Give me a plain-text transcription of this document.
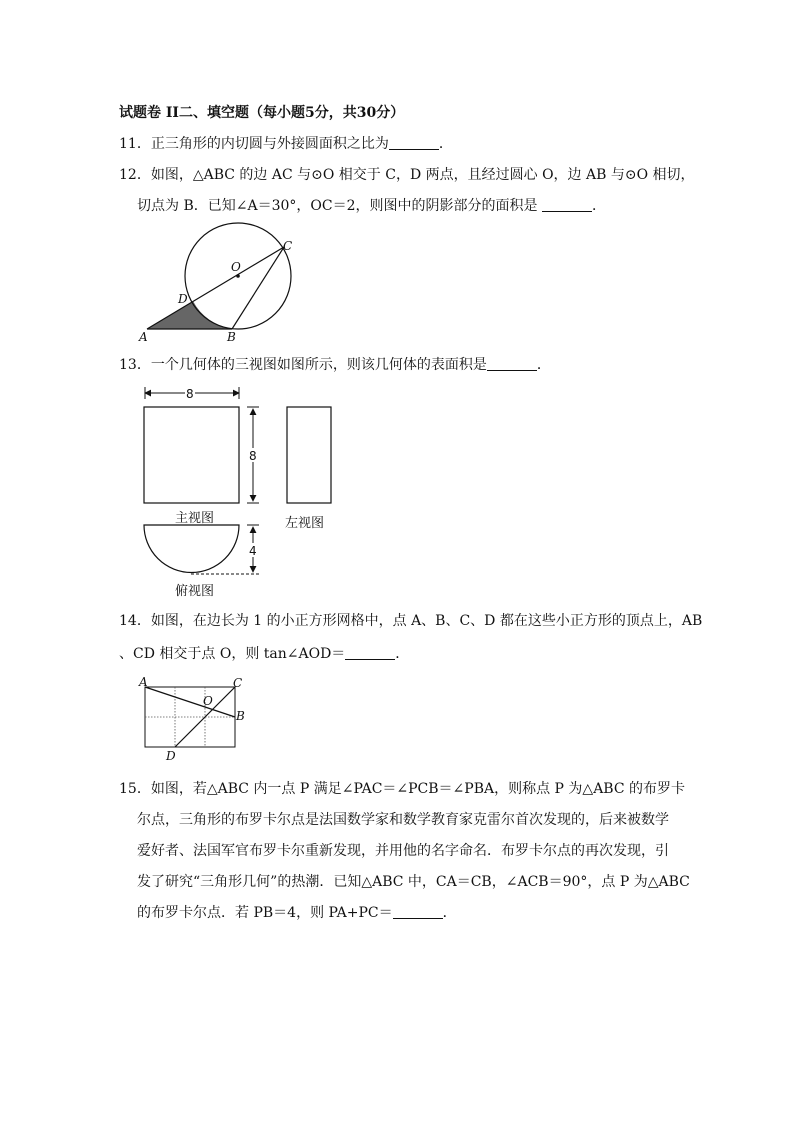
试题卷 II二、填空题（每小题5分，共30分）
11．正三角形的内切圆与外接圆面积之比为	．
12．如图，△ABC 的边 AC 与⊙O 相交于 C，D 两点，且经过圆心 O，边 AB 与⊙O 相切，
切点为 B．已知∠A＝30°，OC＝2，则图中的阴影部分的面积是	．
O
C
D
A	B
13．一个几何体的三视图如图所示，则该几何体的表面积是	．
8
8
4
主视图	左视图
俯视图
14．如图，在边长为 1 的小正方形网格中，点 A、B、C、D 都在这些小正方形的顶点上，AB
、CD 相交于点 O，则 tan∠AOD＝	．
A	C
O
B
D
15．如图，若△ABC 内一点 P 满足∠PAC＝∠PCB＝∠PBA，则称点 P 为△ABC 的布罗卡
尔点，三角形的布罗卡尔点是法国数学家和数学教育家克雷尔首次发现的，后来被数学
爱好者、法国军官布罗卡尔重新发现，并用他的名字命名．布罗卡尔点的再次发现，引
发了研究“三角形几何”的热潮．已知△ABC 中，CA＝CB，∠ACB＝90°，点 P 为△ABC
的布罗卡尔点．若 PB＝4，则 PA+PC＝	．
